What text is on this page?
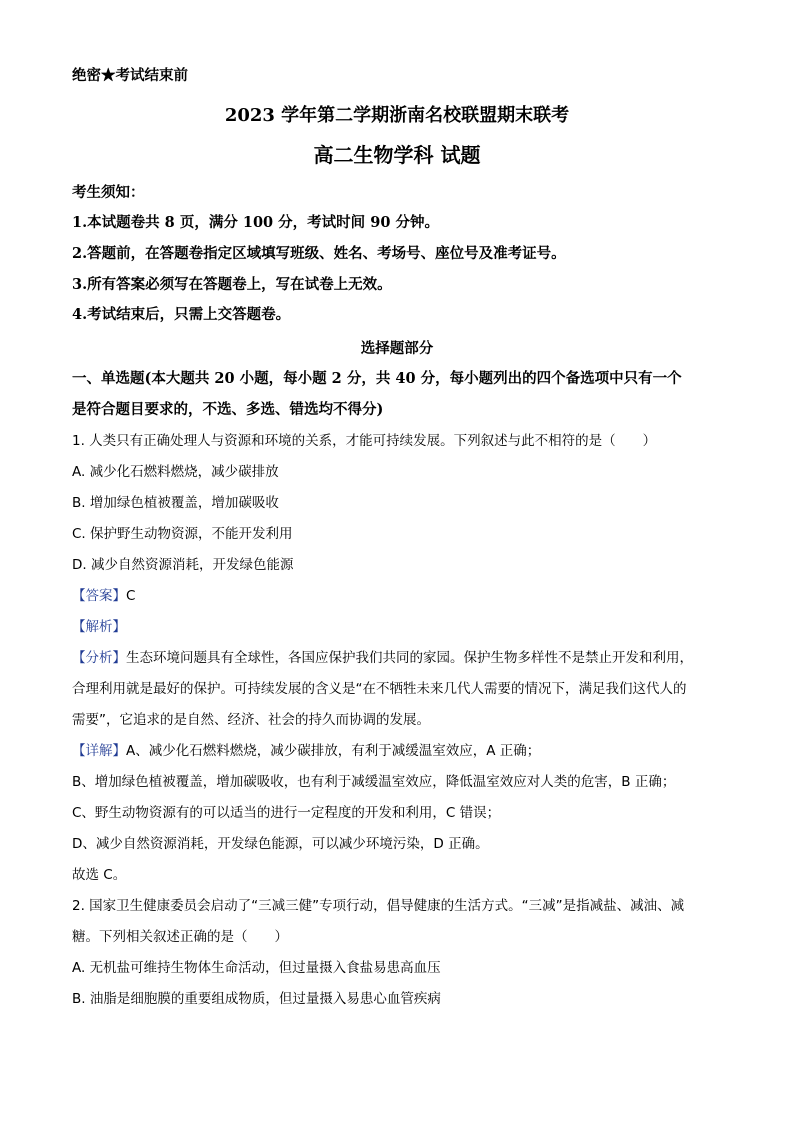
绝密★考试结束前
2023 学年第二学期浙南名校联盟期末联考
高二生物学科 试题
考生须知：
1.本试题卷共 8 页，满分 100 分，考试时间 90 分钟。
2.答题前，在答题卷指定区域填写班级、姓名、考场号、座位号及准考证号。
3.所有答案必须写在答题卷上，写在试卷上无效。
4.考试结束后，只需上交答题卷。
选择题部分
一、单选题(本大题共 20 小题，每小题 2 分，共 40 分，每小题列出的四个备选项中只有一个
是符合题目要求的，不选、多选、错选均不得分)
1. 人类只有正确处理人与资源和环境的关系，才能可持续发展。下列叙述与此不相符的是（　　）
A. 减少化石燃料燃烧，减少碳排放
B. 增加绿色植被覆盖，增加碳吸收
C. 保护野生动物资源，不能开发利用
D. 减少自然资源消耗，开发绿色能源
【答案】C
【解析】
【分析】生态环境问题具有全球性，各国应保护我们共同的家园。保护生物多样性不是禁止开发和利用，
合理利用就是最好的保护。可持续发展的含义是“在不牺牲未来几代人需要的情况下，满足我们这代人的
需要”，它追求的是自然、经济、社会的持久而协调的发展。
【详解】A、减少化石燃料燃烧，减少碳排放，有利于减缓温室效应，A 正确；
B、增加绿色植被覆盖，增加碳吸收，也有利于减缓温室效应，降低温室效应对人类的危害，B 正确；
C、野生动物资源有的可以适当的进行一定程度的开发和利用，C 错误；
D、减少自然资源消耗，开发绿色能源，可以减少环境污染，D 正确。
故选 C。
2. 国家卫生健康委员会启动了“三减三健”专项行动，倡导健康的生活方式。“三减”是指减盐、减油、减
糖。下列相关叙述正确的是（　　）
A. 无机盐可维持生物体生命活动，但过量摄入食盐易患高血压
B. 油脂是细胞膜的重要组成物质，但过量摄入易患心血管疾病
